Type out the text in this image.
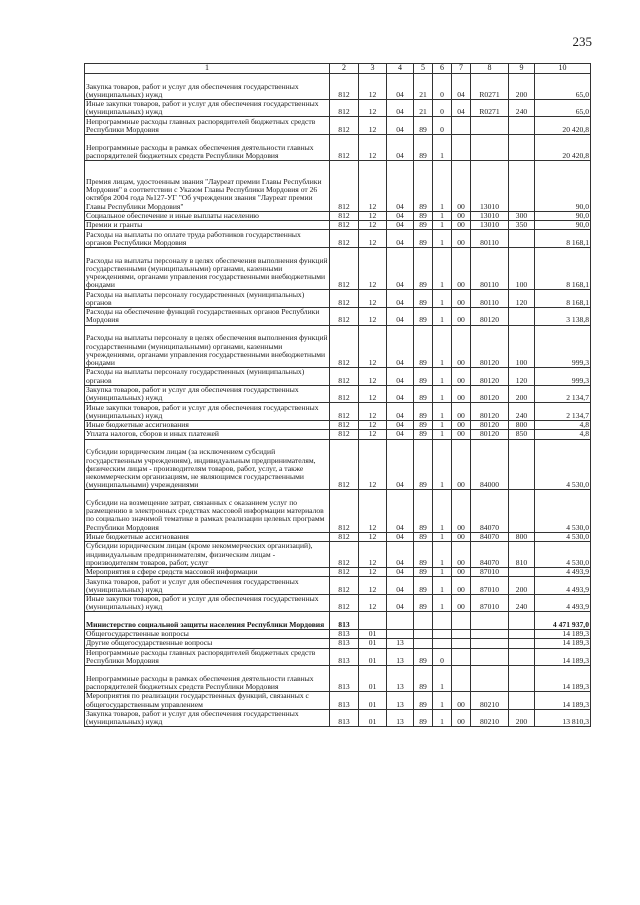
235
1	2	3	4	5	6	7	8	9	10
Закупка товаров, работ и услуг для обеспечения государственных (муниципальных) нужд	812	12	04	21	0	04	R0271	200	65,0
Иные закупки товаров, работ и услуг для обеспечения государственных (муниципальных) нужд	812	12	04	21	0	04	R0271	240	65,0
Непрограммные расходы главных распорядителей бюджетных средств Республики Мордовия	812	12	04	89	0				20 420,8
Непрограммные расходы в рамках обеспечения деятельности главных распорядителей бюджетных средств Республики Мордовия	812	12	04	89	1				20 420,8
Премия лицам, удостоенным звания "Лауреат премии Главы Республики Мордовия" в соответствии с Указом Главы Республики Мордовия от 26 октября 2004 года №127-УГ "Об учреждении звания "Лауреат премии Главы Республики Мордовия"	812	12	04	89	1	00	13010		90,0
Социальное обеспечение и иные выплаты населению	812	12	04	89	1	00	13010	300	90,0
Премии и гранты	812	12	04	89	1	00	13010	350	90,0
Расходы на выплаты по оплате труда работников государственных органов Республики Мордовия	812	12	04	89	1	00	80110		8 168,1
Расходы на выплаты персоналу в целях обеспечения выполнения функций государственными (муниципальными) органами, казенными учреждениями, органами управления государственными внебюджетными фондами	812	12	04	89	1	00	80110	100	8 168,1
Расходы на выплаты персоналу государственных (муниципальных) органов	812	12	04	89	1	00	80110	120	8 168,1
Расходы на обеспечение функций государственных органов Республики Мордовия	812	12	04	89	1	00	80120		3 138,8
Расходы на выплаты персоналу в целях обеспечения выполнения функций государственными (муниципальными) органами, казенными учреждениями, органами управления государственными внебюджетными фондами	812	12	04	89	1	00	80120	100	999,3
Расходы на выплаты персоналу государственных (муниципальных) органов	812	12	04	89	1	00	80120	120	999,3
Закупка товаров, работ и услуг для обеспечения государственных (муниципальных) нужд	812	12	04	89	1	00	80120	200	2 134,7
Иные закупки товаров, работ и услуг для обеспечения государственных (муниципальных) нужд	812	12	04	89	1	00	80120	240	2 134,7
Иные бюджетные ассигнования	812	12	04	89	1	00	80120	800	4,8
Уплата налогов, сборов и иных платежей	812	12	04	89	1	00	80120	850	4,8
Субсидии юридическим лицам (за исключением субсидий государственным учреждениям), индивидуальным предпринимателям, физическим лицам - производителям товаров, работ, услуг, а также некоммерческим организациям, не являющимся государственными (муниципальными) учреждениями	812	12	04	89	1	00	84000		4 530,0
Субсидии на возмещение затрат, связанных с оказанием услуг по размещению в электронных средствах массовой информации материалов по социально значимой тематике в рамках реализации целевых программ Республики Мордовия	812	12	04	89	1	00	84070		4 530,0
Иные бюджетные ассигнования	812	12	04	89	1	00	84070	800	4 530,0
Субсидии юридическим лицам (кроме некоммерческих организаций), индивидуальным предпринимателям, физическим лицам - производителям товаров, работ, услуг	812	12	04	89	1	00	84070	810	4 530,0
Мероприятия в сфере средств массовой информации	812	12	04	89	1	00	87010		4 493,9
Закупка товаров, работ и услуг для обеспечения государственных (муниципальных) нужд	812	12	04	89	1	00	87010	200	4 493,9
Иные закупки товаров, работ и услуг для обеспечения государственных (муниципальных) нужд	812	12	04	89	1	00	87010	240	4 493,9
Министерство социальной защиты населения Республики Мордовия	813								4 471 937,0
Общегосударственные вопросы	813	01							14 189,3
Другие общегосударственные вопросы	813	01	13						14 189,3
Непрограммные расходы главных распорядителей бюджетных средств Республики Мордовия	813	01	13	89	0				14 189,3
Непрограммные расходы в рамках обеспечения деятельности главных распорядителей бюджетных средств Республики Мордовия	813	01	13	89	1				14 189,3
Мероприятия по реализации государственных функций, связанных с общегосударственным управлением	813	01	13	89	1	00	80210		14 189,3
Закупка товаров, работ и услуг для обеспечения государственных (муниципальных) нужд	813	01	13	89	1	00	80210	200	13 810,3
